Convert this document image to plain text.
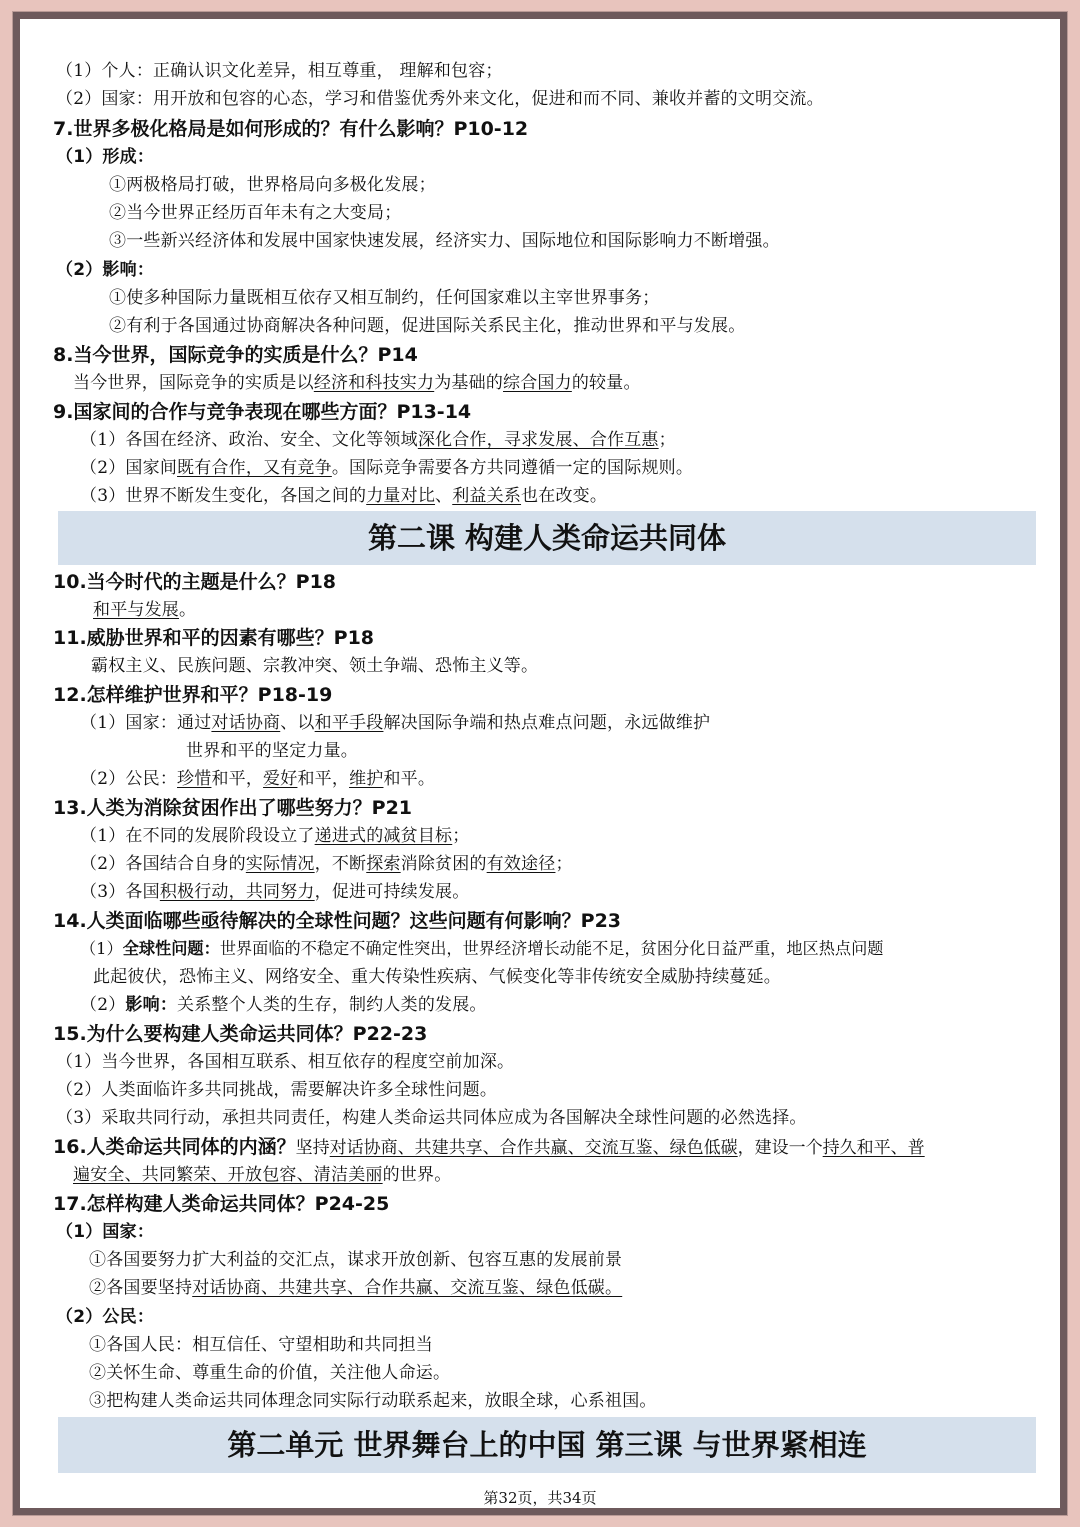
（1）个人：正确认识文化差异，相互尊重， 理解和包容；
（2）国家：用开放和包容的心态，学习和借鉴优秀外来文化，促进和而不同、兼收并蓄的文明交流。
7.世界多极化格局是如何形成的？有什么影响？P10-12
（1）形成：
①两极格局打破，世界格局向多极化发展；
②当今世界正经历百年未有之大变局；
③一些新兴经济体和发展中国家快速发展，经济实力、国际地位和国际影响力不断增强。
（2）影响：
①使多种国际力量既相互依存又相互制约，任何国家难以主宰世界事务；
②有利于各国通过协商解决各种问题，促进国际关系民主化，推动世界和平与发展。
8.当今世界，国际竞争的实质是什么？P14
当今世界，国际竞争的实质是以经济和科技实力为基础的综合国力的较量。
9.国家间的合作与竞争表现在哪些方面？P13-14
（1）各国在经济、政治、安全、文化等领域深化合作，寻求发展、合作互惠；
（2）国家间既有合作，又有竞争。国际竞争需要各方共同遵循一定的国际规则。
（3）世界不断发生变化，各国之间的力量对比、利益关系也在改变。
第二课 构建人类命运共同体
10.当今时代的主题是什么？P18
和平与发展。
11.威胁世界和平的因素有哪些？P18
霸权主义、民族问题、宗教冲突、领土争端、恐怖主义等。
12.怎样维护世界和平？P18-19
（1）国家：通过对话协商、以和平手段解决国际争端和热点难点问题，永远做维护
世界和平的坚定力量。
（2）公民：珍惜和平，爱好和平，维护和平。
13.人类为消除贫困作出了哪些努力？P21
（1）在不同的发展阶段设立了递进式的减贫目标；
（2）各国结合自身的实际情况，不断探索消除贫困的有效途径；
（3）各国积极行动，共同努力，促进可持续发展。
14.人类面临哪些亟待解决的全球性问题？这些问题有何影响？P23
（1）全球性问题：世界面临的不稳定不确定性突出，世界经济增长动能不足，贫困分化日益严重，地区热点问题
此起彼伏，恐怖主义、网络安全、重大传染性疾病、气候变化等非传统安全威胁持续蔓延。
（2）影响：关系整个人类的生存，制约人类的发展。
15.为什么要构建人类命运共同体？P22-23
（1）当今世界，各国相互联系、相互依存的程度空前加深。
（2）人类面临许多共同挑战，需要解决许多全球性问题。
（3）采取共同行动，承担共同责任，构建人类命运共同体应成为各国解决全球性问题的必然选择。
16.人类命运共同体的内涵？坚持对话协商、共建共享、合作共赢、交流互鉴、绿色低碳，建设一个持久和平、普
遍安全、共同繁荣、开放包容、清洁美丽的世界。
17.怎样构建人类命运共同体？P24-25
（1）国家：
①各国要努力扩大利益的交汇点，谋求开放创新、包容互惠的发展前景
②各国要坚持对话协商、共建共享、合作共赢、交流互鉴、绿色低碳。
（2）公民：
①各国人民：相互信任、守望相助和共同担当
②关怀生命、尊重生命的价值，关注他人命运。
③把构建人类命运共同体理念同实际行动联系起来，放眼全球，心系祖国。
第二单元 世界舞台上的中国 第三课 与世界紧相连
第32页，共34页
